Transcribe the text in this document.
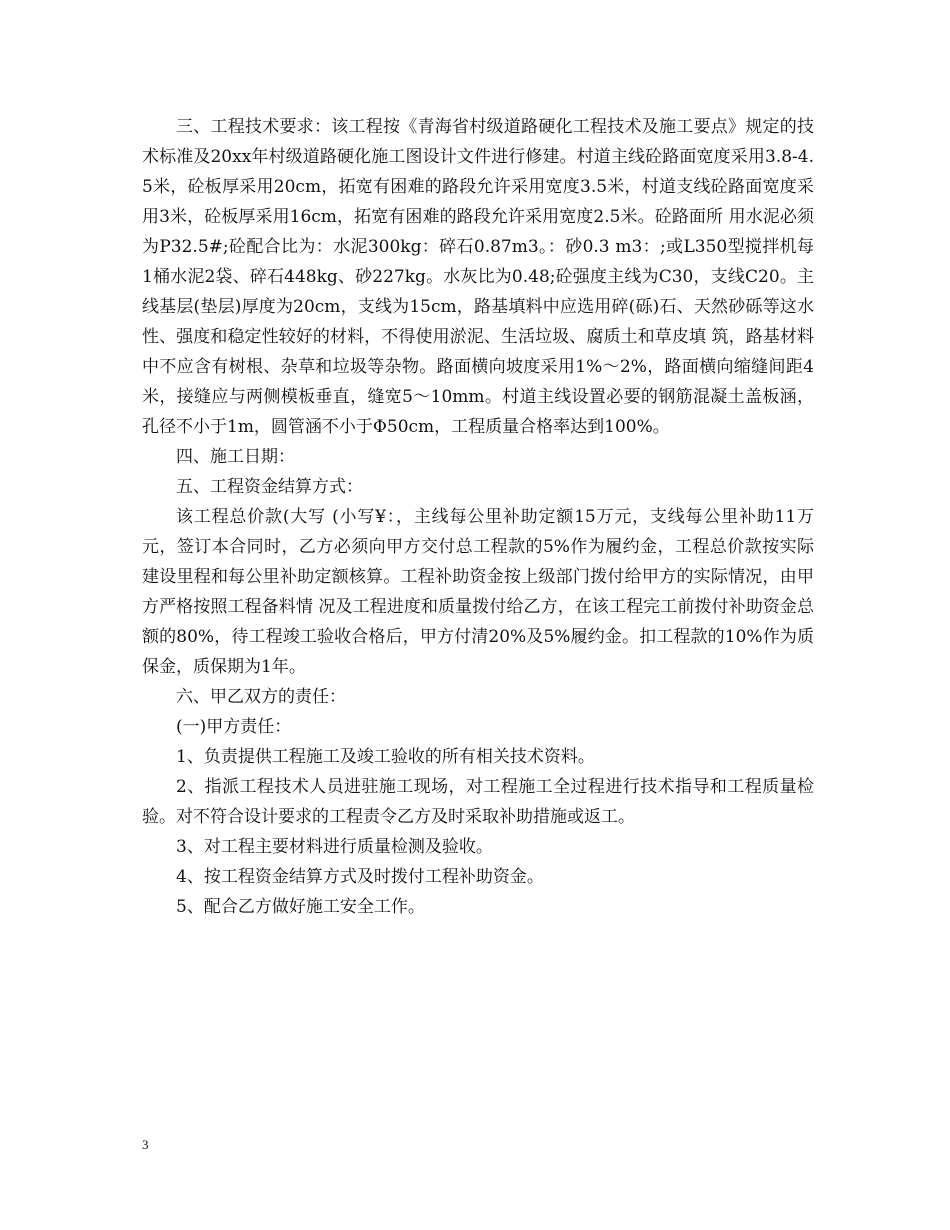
三、工程技术要求：该工程按《青海省村级道路硬化工程技术及施工要点》规定的技术标准及20xx年村级道路硬化施工图设计文件进行修建。村道主线砼路面宽度采用3.8-4.5米，砼板厚采用20cm，拓宽有困难的路段允许采用宽度3.5米，村道支线砼路面宽度采用3米，砼板厚采用16cm，拓宽有困难的路段允许采用宽度2.5米。砼路面所 用水泥必须为P32.5#;砼配合比为：水泥300kg：碎石0.87m3。：砂0.3 m3：;或L350型搅拌机每1桶水泥2袋、碎石448kg、砂227kg。水灰比为0.48;砼强度主线为C30，支线C20。主线基层(垫层)厚度为20cm，支线为15cm，路基填料中应选用碎(砾)石、天然砂砾等这水性、强度和稳定性较好的材料，不得使用淤泥、生活垃圾、腐质土和草皮填 筑，路基材料中不应含有树根、杂草和垃圾等杂物。路面横向坡度采用1%～2%，路面横向缩缝间距4米，接缝应与两侧模板垂直，缝宽5～10mm。村道主线设置必要的钢筋混凝土盖板涵，孔径不小于1m，圆管涵不小于Φ50cm，工程质量合格率达到100%。

四、施工日期：

五、工程资金结算方式：

该工程总价款(大写 (小写¥：，主线每公里补助定额15万元，支线每公里补助11万元，签订本合同时，乙方必须向甲方交付总工程款的5%作为履约金，工程总价款按实际建设里程和每公里补助定额核算。工程补助资金按上级部门拨付给甲方的实际情况，由甲方严格按照工程备料情 况及工程进度和质量拨付给乙方，在该工程完工前拨付补助资金总额的80%，待工程竣工验收合格后，甲方付清20%及5%履约金。扣工程款的10%作为质保金，质保期为1年。

六、甲乙双方的责任：

(一)甲方责任：

1、负责提供工程施工及竣工验收的所有相关技术资料。

2、指派工程技术人员进驻施工现场，对工程施工全过程进行技术指导和工程质量检验。对不符合设计要求的工程责令乙方及时采取补助措施或返工。

3、对工程主要材料进行质量检测及验收。

4、按工程资金结算方式及时拨付工程补助资金。

5、配合乙方做好施工安全工作。

3
